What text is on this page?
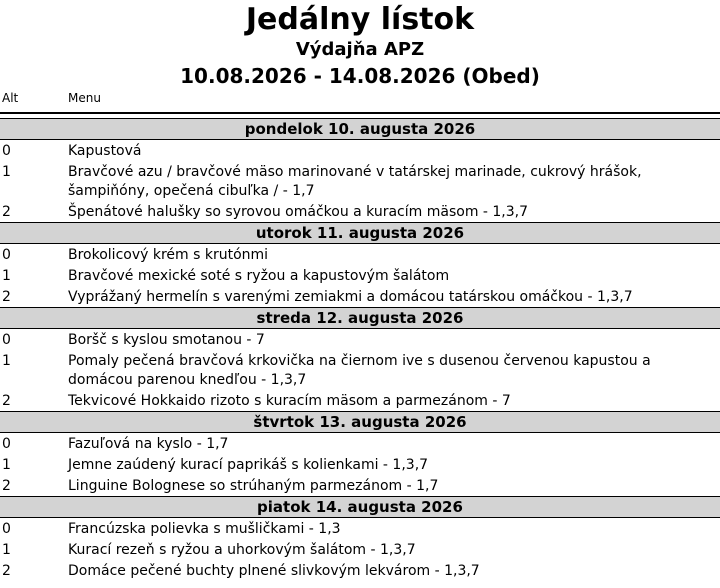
Jedálny lístok
Výdajňa APZ
10.08.2026 - 14.08.2026 (Obed)
Alt	Menu
pondelok 10. augusta 2026
0	Kapustová
1	Bravčové azu / bravčové mäso marinované v tatárskej marinade, cukrový hrášok, šampiňóny, opečená cibuľka / - 1,7
2	Špenátové halušky so syrovou omáčkou a kuracím mäsom - 1,3,7
utorok 11. augusta 2026
0	Brokolicový krém s krutónmi
1	Bravčové mexické soté s ryžou a kapustovým šalátom
2	Vyprážaný hermelín s varenými zemiakmi a domácou tatárskou omáčkou - 1,3,7
streda 12. augusta 2026
0	Boršč s kyslou smotanou - 7
1	Pomaly pečená bravčová krkovička na čiernom ive s dusenou červenou kapustou a domácou parenou knedľou - 1,3,7
2	Tekvicové Hokkaido rizoto s kuracím mäsom a parmezánom - 7
štvrtok 13. augusta 2026
0	Fazuľová na kyslo - 1,7
1	Jemne zaúdený kurací paprikáš s kolienkami - 1,3,7
2	Linguine Bolognese so strúhaným parmezánom - 1,7
piatok 14. augusta 2026
0	Francúzska polievka s mušličkami - 1,3
1	Kurací rezeň s ryžou a uhorkovým šalátom - 1,3,7
2	Domáce pečené buchty plnené slivkovým lekvárom - 1,3,7
